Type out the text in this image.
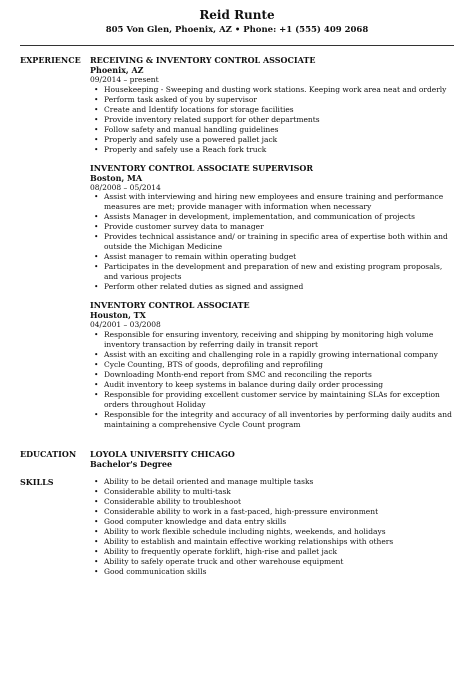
Reid Runte
805 Von Glen, Phoenix, AZ • Phone: +1 (555) 409 2068
EXPERIENCE RECEIVING & INVENTORY CONTROL ASSOCIATE
Phoenix, AZ
09/2014 – present
• Housekeeping - Sweeping and dusting work stations. Keeping work area neat and orderly
• Perform task asked of you by supervisor
• Create and Identify locations for storage facilities
• Provide inventory related support for other departments
• Follow safety and manual handling guidelines
• Properly and safely use a powered pallet jack
• Properly and safely use a Reach fork truck
INVENTORY CONTROL ASSOCIATE SUPERVISOR
Boston, MA
08/2008 – 05/2014
• Assist with interviewing and hiring new employees and ensure training and performance measures are met; provide manager with information when necessary
• Assists Manager in development, implementation, and communication of projects
• Provide customer survey data to manager
• Provides technical assistance and/ or training in specific area of expertise both within and outside the Michigan Medicine
• Assist manager to remain within operating budget
• Participates in the development and preparation of new and existing program proposals, and various projects
• Perform other related duties as signed and assigned
INVENTORY CONTROL ASSOCIATE
Houston, TX
04/2001 – 03/2008
• Responsible for ensuring inventory, receiving and shipping by monitoring high volume inventory transaction by referring daily in transit report
• Assist with an exciting and challenging role in a rapidly growing international company
• Cycle Counting, BTS of goods, deprofiling and reprofiling
• Downloading Month-end report from SMC and reconciling the reports
• Audit inventory to keep systems in balance during daily order processing
• Responsible for providing excellent customer service by maintaining SLAs for exception orders throughout Holiday
• Responsible for the integrity and accuracy of all inventories by performing daily audits and maintaining a comprehensive Cycle Count program
EDUCATION	LOYOLA UNIVERSITY CHICAGO
Bachelor's Degree
SKILLS
•	Ability to be detail oriented and manage multiple tasks
• Considerable ability to multi-task
• Considerable ability to troubleshoot
• Considerable ability to work in a fast-paced, high-pressure environment
• Good computer knowledge and data entry skills
• Ability to work flexible schedule including nights, weekends, and holidays
• Ability to establish and maintain effective working relationships with others
• Ability to frequently operate forklift, high-rise and pallet jack
• Ability to safely operate truck and other warehouse equipment
• Good communication skills
